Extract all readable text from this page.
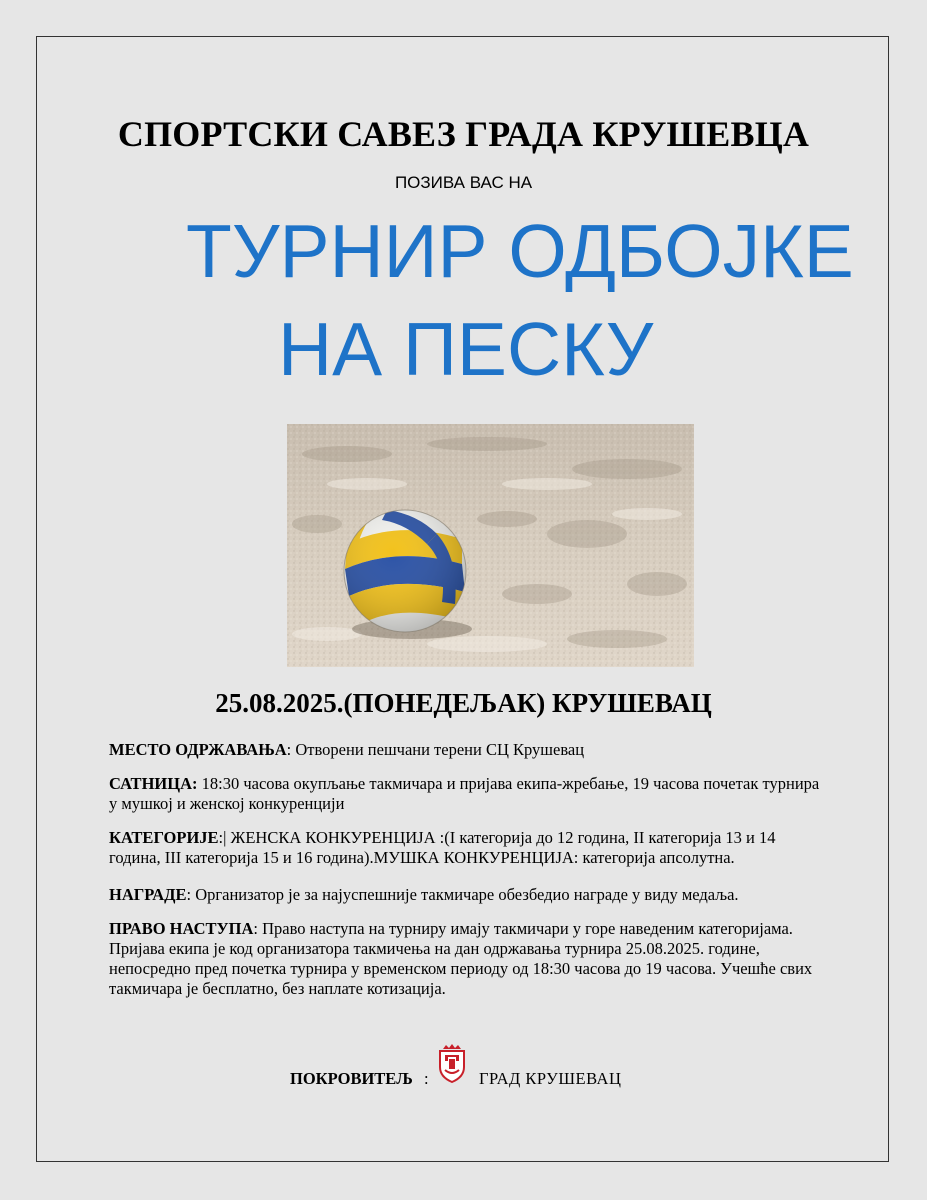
СПОРТСКИ САВЕЗ ГРАДА КРУШЕВЦА
ПОЗИВА ВАС НА
ТУРНИР ОДБОЈКЕ
НА ПЕСКУ
25.08.2025.(ПОНЕДЕЉАК) КРУШЕВАЦ

МЕСТО ОДРЖАВАЊА: Отворени пешчани терени СЦ Крушевац

САТНИЦА: 18:30 часова окупљање такмичара и пријава екипа-жребање, 19 часова почетак турнира у мушкој и женској конкуренцији

КАТЕГОРИЈЕ:| ЖЕНСКА КОНКУРЕНЦИЈА :(I категорија до 12 година, II категорија 13 и 14 година, III категорија 15 и 16 година).МУШКА КОНКУРЕНЦИЈА: категорија апсолутна.

НАГРАДЕ: Организатор је за најуспешније такмичаре обезбедио награде у виду медаља.

ПРАВО НАСТУПА: Право наступа на турниру имају такмичари у горе наведеним категоријама. Пријава екипа је код организатора такмичења на дан одржавања турнира 25.08.2025. године, непосредно пред почетка турнира у временском периоду од 18:30 часова до 19 часова. Учешће свих такмичара је бесплатно, без наплате котизација.

ПОКРОВИТЕЉ :	ГРАД КРУШЕВАЦ
